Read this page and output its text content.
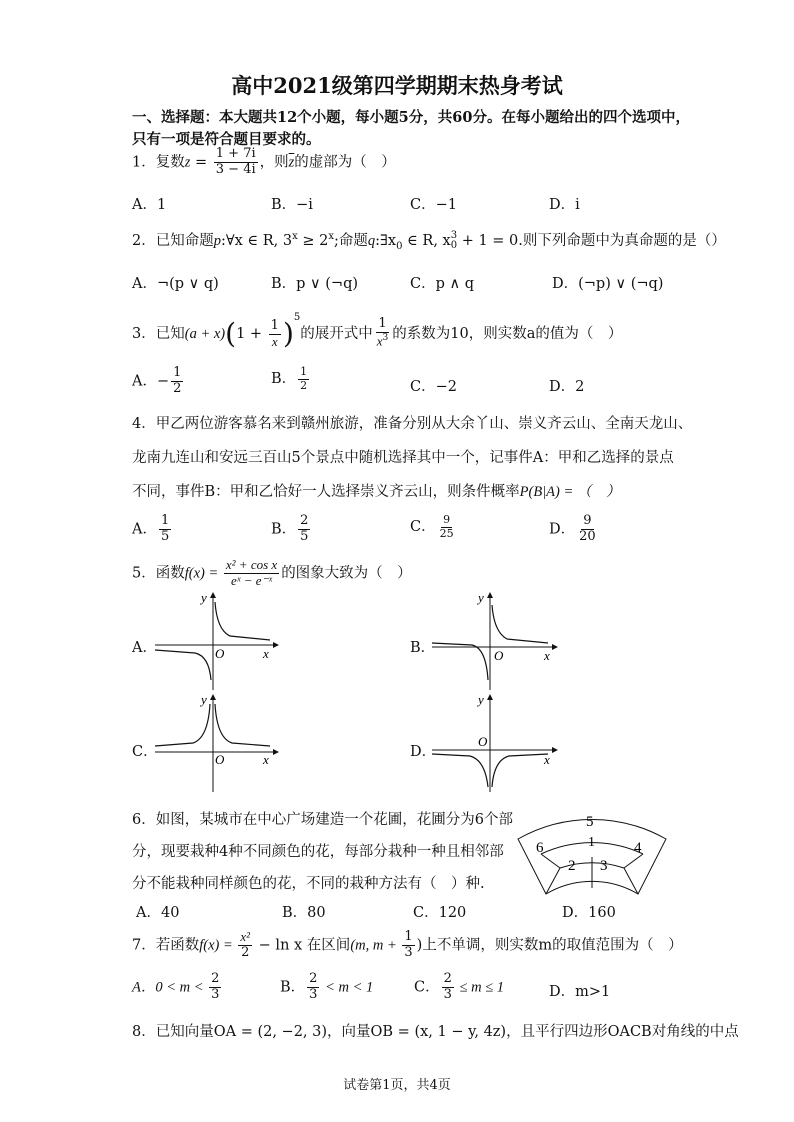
高中2021级第四学期期末热身考试
一、选择题：本大题共12个小题，每小题5分，共60分。在每小题给出的四个选项中，
只有一项是符合题目要求的。
1．复数$z = \frac{1 + 7i}{3 - 4i}$ ，则$\overline{z}$的虚部为（　）
A．1	B．−i	C．−1	D．i
2．已知命题p:∀x ∈ R, $3^x \ge 2^x$;命题$q:\exists x_0$ ∈ R, x 3
0 + 1 = 0.则下列命题中为真命题的是（）
A．¬(p ∨ q)	B．p ∨ (¬q)	C．p ∧ q	D．(¬p) ∨ (¬q)
3．已知$(a + x)(1 + \frac{1}{x} )^5$的展开式中 $\frac{1}{x^3}$ 的系数为10，则实数a的值为（　）
A．− $\frac{1}{2}$	B． $\frac{1}{2}$	C．−2	D．2
4．甲乙两位游客慕名来到赣州旅游，准备分别从大余丫山、崇义齐云山、全南天龙山、
龙南九连山和安远三百山5个景点中随机选择其中一个，记事件A：甲和乙选择的景点
不同，事件B：甲和乙恰好一人选择崇义齐云山，则条件概率P(B|A) = （　）
A． $\frac{1}{5}$	B． $\frac{2}{5}$	C． $\frac{9}{25}$	D． $\frac{9}{20}$
5．函数$f(x) = \frac{\text{x² + cos x}}{\text{eˣ − e⁻ˣ}}$ 的图象大致为（　）
A．	B．
C．	D．
y
x
O
y
x
O
y
x
O
y
x
O
6．如图，某城市在中心广场建造一个花圃，花圃分为6个部
分，现要栽种4种不同颜色的花，每部分栽种一种且相邻部
分不能栽种同样颜色的花，不同的栽种方法有（　）种.
5
1
6	4
2 3
A．40	B．80	C．120	D．160
7．若函数$f(x) = \frac{\text{x²}}{2} - \ln x$ 在区间(m, $m + \frac{1}{3}$ )上不单调，则实数m的取值范围为（　）
A．$0 < m < \frac{2}{3}$	B． $\frac{2}{3} < m < 1$	C． $\frac{2}{3} \le m \le 1$	D．m>1
8．已知向量OA = (2, −2, 3)，向量OB = (x, 1 − y, 4z)，且平行四边形OACB对角线的中点
试卷第1页，共4页
